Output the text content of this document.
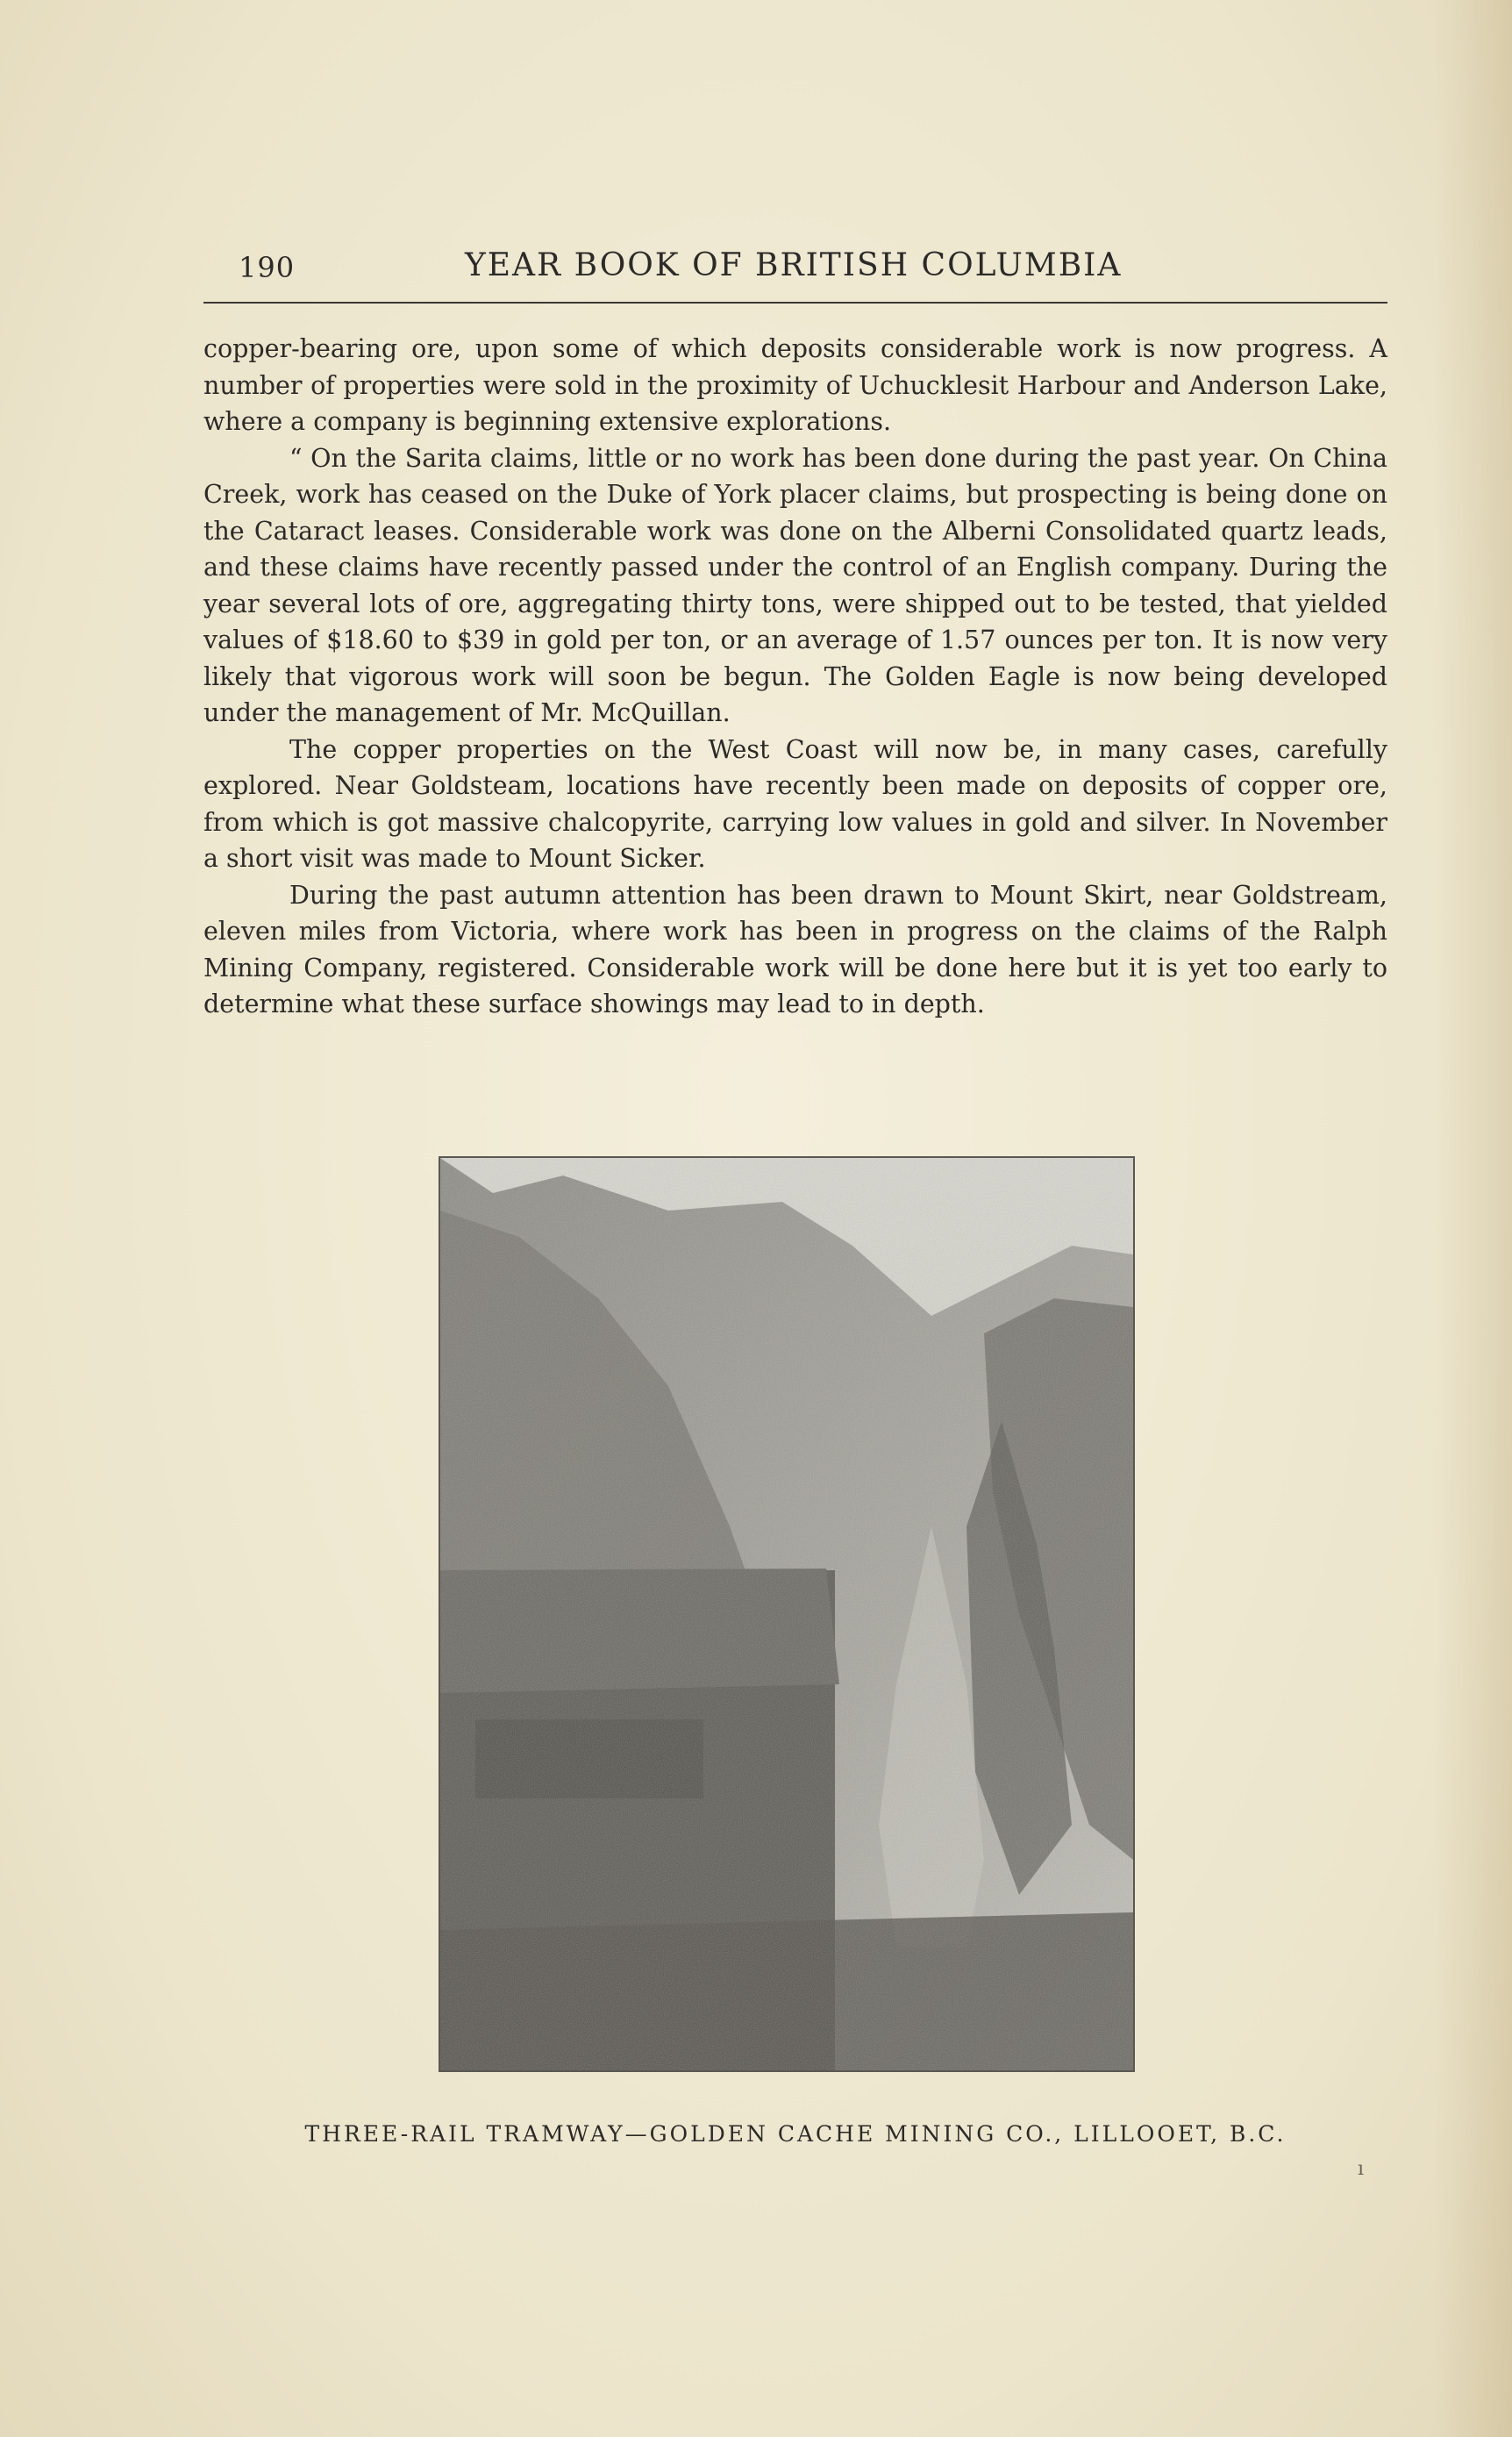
190	YEAR BOOK OF BRITISH COLUMBIA

copper-bearing ore, upon some of which deposits considerable work is now progress. A number of properties were sold in the proximity of Uchucklesit Harbour and Anderson Lake, where a company is beginning extensive explorations.

“ On the Sarita claims, little or no work has been done during the past year. On China Creek, work has ceased on the Duke of York placer claims, but prospecting is being done on the Cataract leases. Considerable work was done on the Alberni Consolidated quartz leads, and these claims have recently passed under the control of an English company. During the year several lots of ore, aggregating thirty tons, were shipped out to be tested, that yielded values of $18.60 to $39 in gold per ton, or an average of 1.57 ounces per ton. It is now very likely that vigorous work will soon be begun. The Golden Eagle is now being developed under the management of Mr. McQuillan.

The copper properties on the West Coast will now be, in many cases, carefully explored. Near Goldsteam, locations have recently been made on deposits of copper ore, from which is got massive chalcopyrite, carrying low values in gold and silver. In November a short visit was made to Mount Sicker.

During the past autumn attention has been drawn to Mount Skirt, near Goldstream, eleven miles from Victoria, where work has been in progress on the claims of the Ralph Mining Company, registered. Considerable work will be done here but it is yet too early to determine what these surface showings may lead to in depth.

THREE-RAIL TRAMWAY—GOLDEN CACHE MINING CO., LILLOOET, B.C.
ı
